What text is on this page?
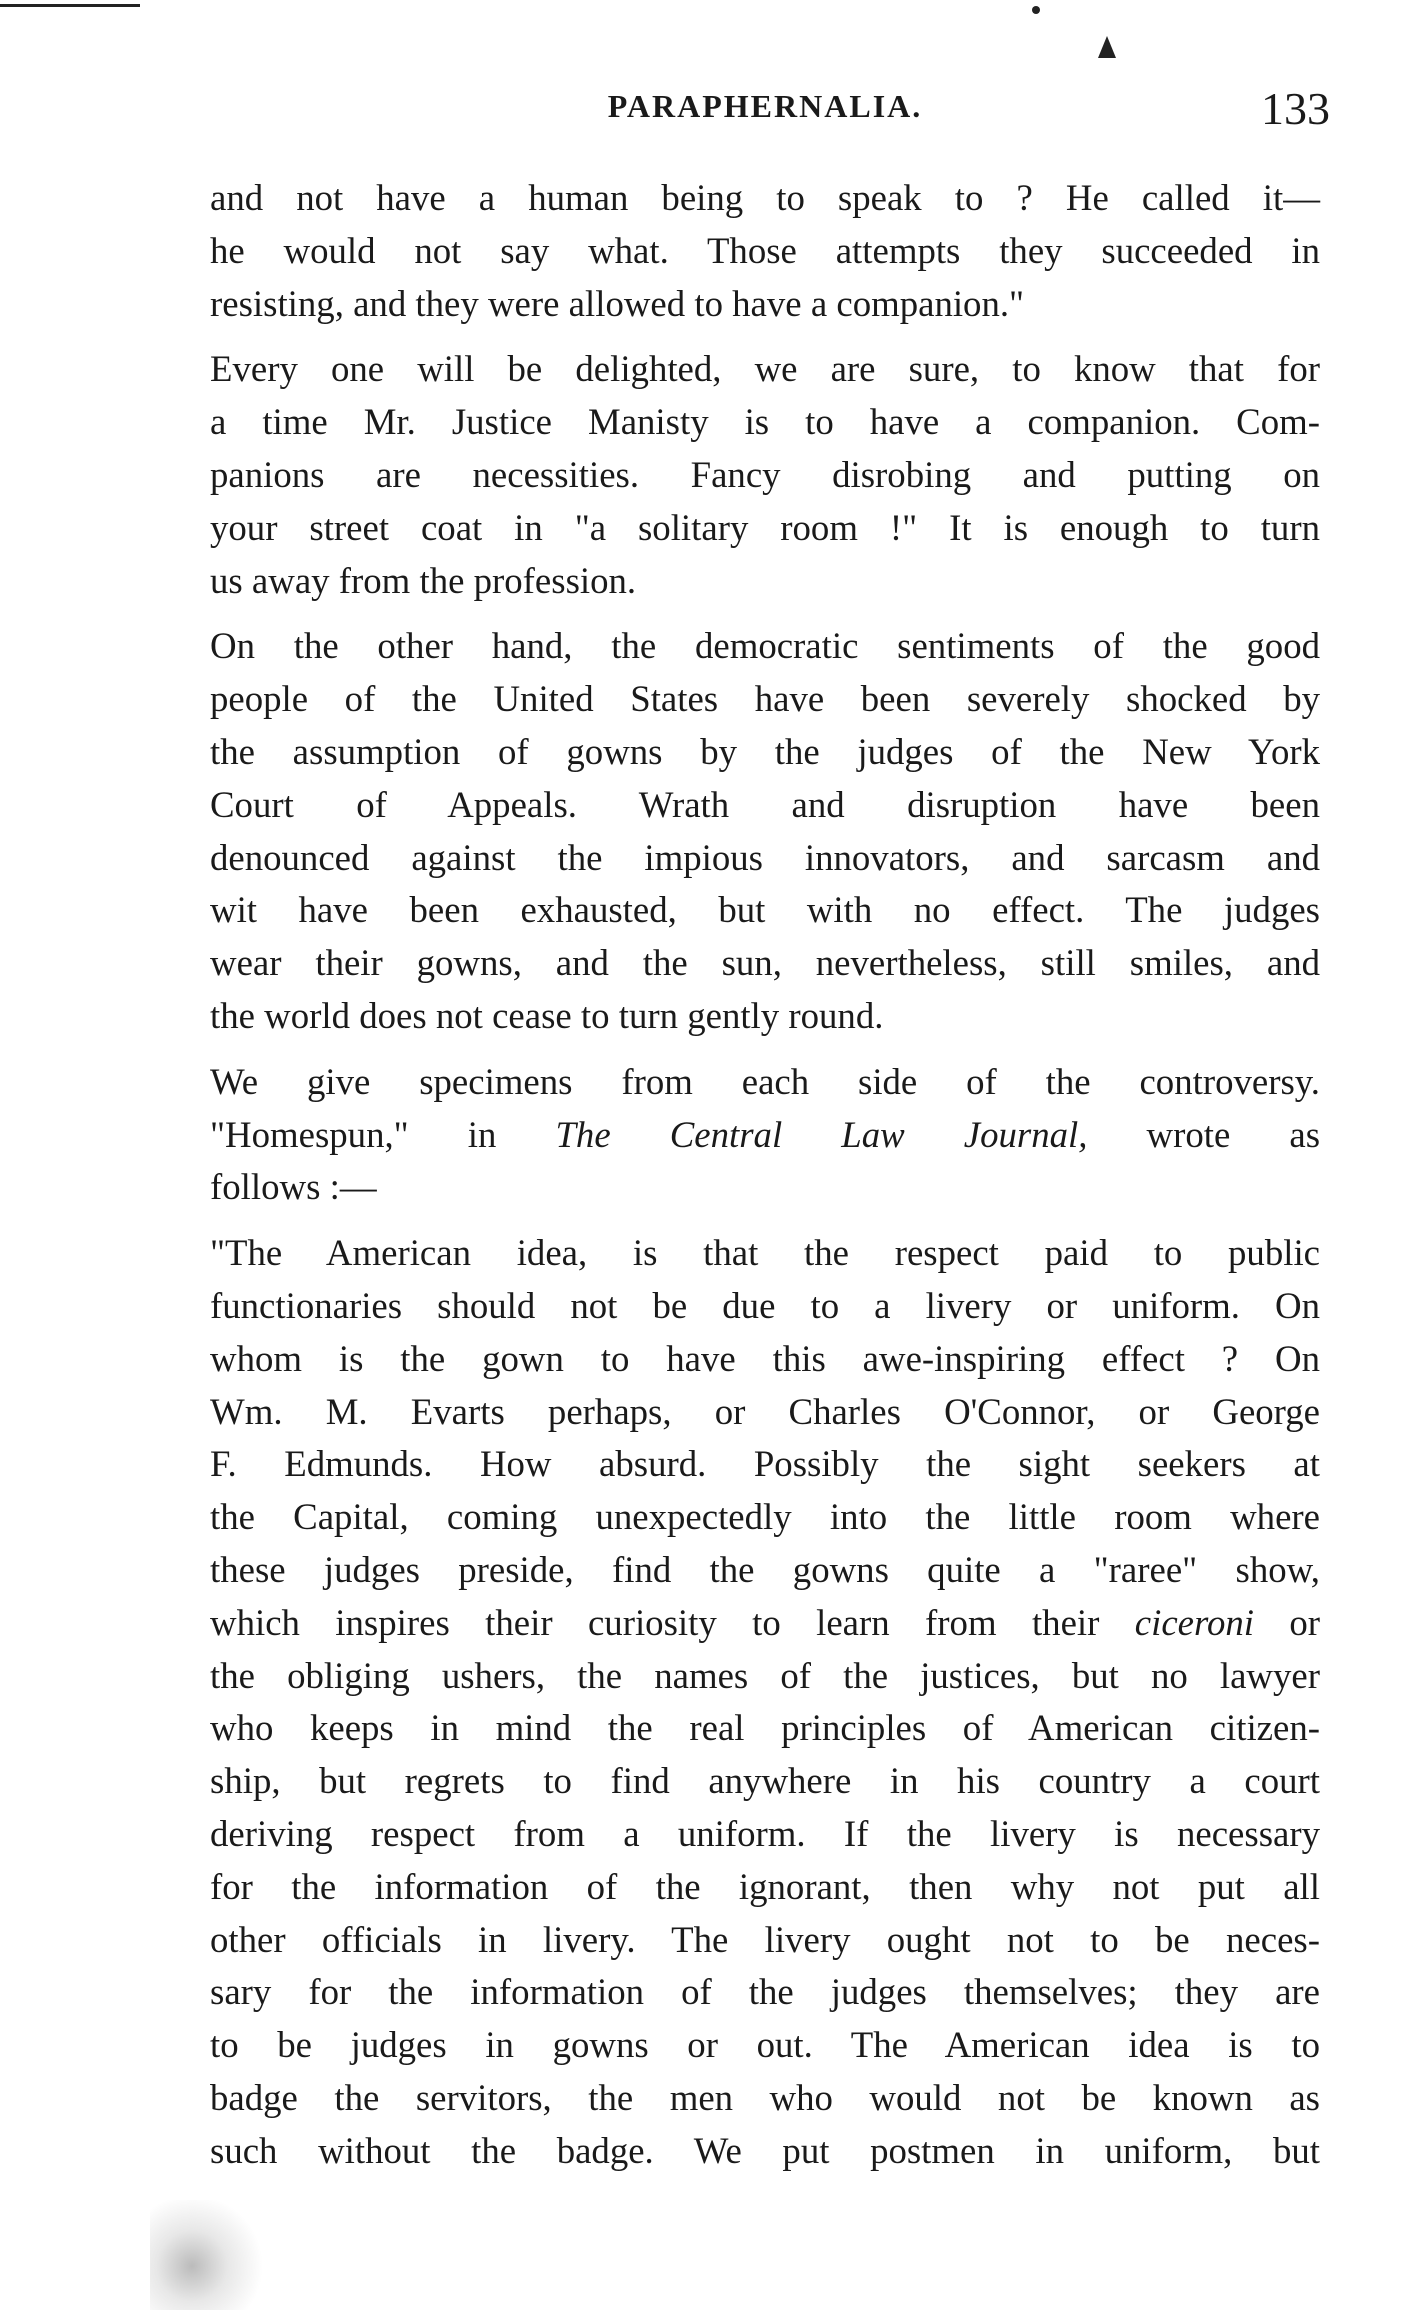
PARAPHERNALIA.	133
and not have a human being to speak to ? He called it—
he would not say what. Those attempts they succeeded in
resisting, and they were allowed to have a companion."
Every one will be delighted, we are sure, to know that for
a time Mr. Justice Manisty is to have a companion. Com-
panions are necessities. Fancy disrobing and putting on
your street coat in "a solitary room !" It is enough to turn
us away from the profession.
On the other hand, the democratic sentiments of the good
people of the United States have been severely shocked by
the assumption of gowns by the judges of the New York
Court of Appeals. Wrath and disruption have been
denounced against the impious innovators, and sarcasm and
wit have been exhausted, but with no effect. The judges
wear their gowns, and the sun, nevertheless, still smiles, and
the world does not cease to turn gently round.
We give specimens from each side of the controversy.
"Homespun," in The Central Law Journal, wrote as
follows :—
"The American idea, is that the respect paid to public
functionaries should not be due to a livery or uniform. On
whom is the gown to have this awe-inspiring effect ? On
Wm. M. Evarts perhaps, or Charles O'Connor, or George
F. Edmunds. How absurd. Possibly the sight seekers at
the Capital, coming unexpectedly into the little room where
these judges preside, find the gowns quite a "raree" show,
which inspires their curiosity to learn from their ciceroni or
the obliging ushers, the names of the justices, but no lawyer
who keeps in mind the real principles of American citizen-
ship, but regrets to find anywhere in his country a court
deriving respect from a uniform. If the livery is necessary
for the information of the ignorant, then why not put all
other officials in livery. The livery ought not to be neces-
sary for the information of the judges themselves; they are
to be judges in gowns or out. The American idea is to
badge the servitors, the men who would not be known as
such without the badge. We put postmen in uniform, but
